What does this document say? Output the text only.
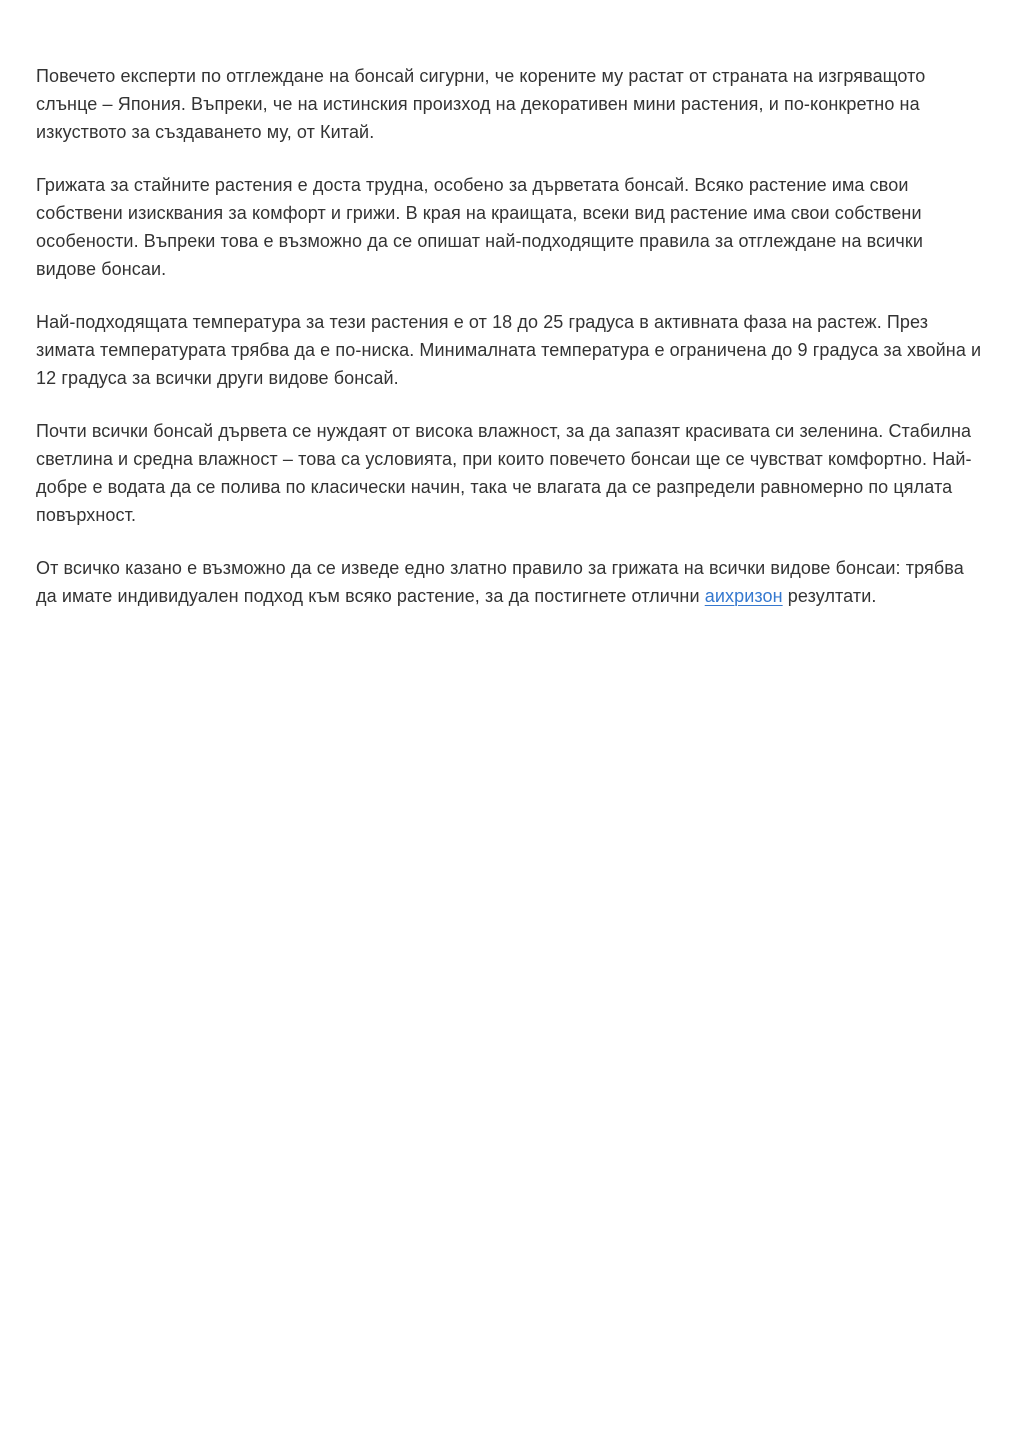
Повечето експерти по отглеждане на бонсай сигурни, че корените му растат от страната на изгряващото слънце – Япония. Въпреки, че на истинския произход на декоративен мини растения, и по-конкретно на изкуството за създаването му, от Китай.

Грижата за стайните растения е доста трудна, особено за дърветата бонсай. Всяко растение има свои собствени изисквания за комфорт и грижи. В края на краищата, всеки вид растение има свои собствени особености. Въпреки това е възможно да се опишат най-подходящите правила за отглеждане на всички видове бонсаи.

Най-подходящата температура за тези растения е от 18 до 25 градуса в активната фаза на растеж. През зимата температурата трябва да е по-ниска. Минималната температура е ограничена до 9 градуса за хвойна и 12 градуса за всички други видове бонсай.

Почти всички бонсай дървета се нуждаят от висока влажност, за да запазят красивата си зеленина. Стабилна светлина и средна влажност – това са условията, при които повечето бонсаи ще се чувстват комфортно. Най-добре е водата да се полива по класически начин, така че влагата да се разпредели равномерно по цялата повърхност.

От всичко казано е възможно да се изведе едно златно правило за грижата на всички видове бонсаи: трябва да имате индивидуален подход към всяко растение, за да постигнете отлични аихризон резултати.
